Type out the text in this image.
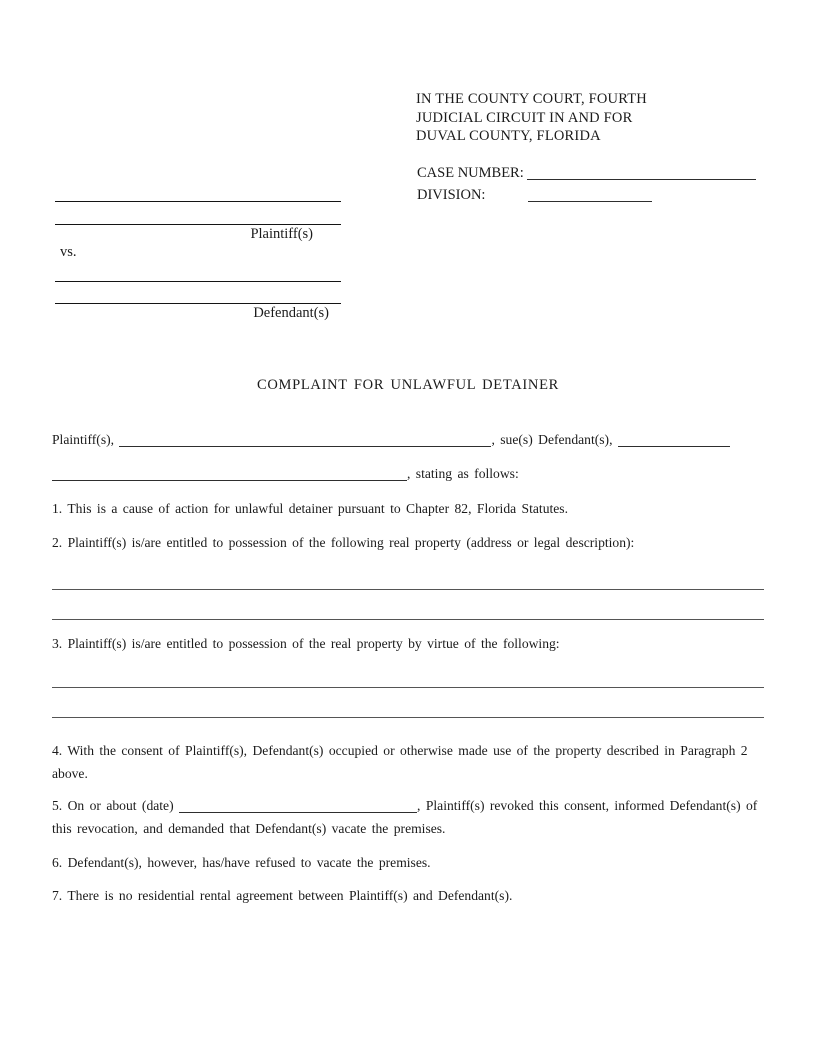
IN THE COUNTY COURT, FOURTH
JUDICIAL CIRCUIT IN AND FOR
DUVAL COUNTY, FLORIDA
CASE NUMBER:
DIVISION:
Plaintiff(s)
vs.
Defendant(s)
COMPLAINT FOR UNLAWFUL DETAINER

Plaintiff(s),	, sue(s) Defendant(s),

, stating as follows:

1. This is a cause of action for unlawful detainer pursuant to Chapter 82, Florida Statutes.

2. Plaintiff(s) is/are entitled to possession of the following real property (address or legal description):

3. Plaintiff(s) is/are entitled to possession of the real property by virtue of the following:

4. With the consent of Plaintiff(s), Defendant(s) occupied or otherwise made use of the property described in Paragraph 2 above.

5. On or about (date)	, Plaintiff(s) revoked this consent, informed Defendant(s) of this revocation, and demanded that Defendant(s) vacate the premises.

6. Defendant(s), however, has/have refused to vacate the premises.

7. There is no residential rental agreement between Plaintiff(s) and Defendant(s).
